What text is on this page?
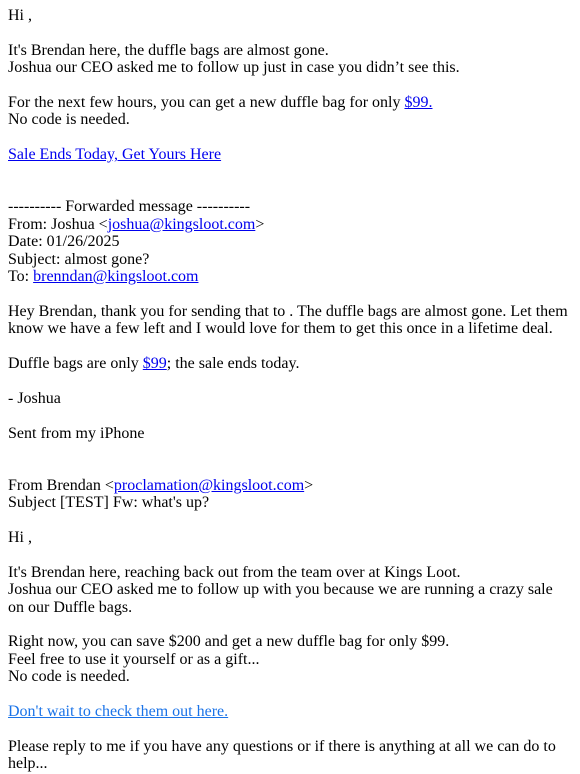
Hi ,

It's Brendan here, the duffle bags are almost gone.

Joshua our CEO asked me to follow up just in case you didn’t see this.

For the next few hours, you can get a new duffle bag for only $99.

No code is needed.

Sale Ends Today, Get Yours Here

---------- Forwarded message ----------

From: Joshua <joshua@kingsloot.com>

Date: 01/26/2025

Subject: almost gone?

To: brenndan@kingsloot.com

Hey Brendan, thank you for sending that to . The duffle bags are almost gone. Let them know we have a few left and I would love for them to get this once in a lifetime deal.

Duffle bags are only $99; the sale ends today.

- Joshua

Sent from my iPhone

From Brendan <proclamation@kingsloot.com>

Subject [TEST] Fw: what's up?

Hi ,

It's Brendan here, reaching back out from the team over at Kings Loot.

Joshua our CEO asked me to follow up with you because we are running a crazy sale on our Duffle bags.

Right now, you can save $200 and get a new duffle bag for only $99.

Feel free to use it yourself or as a gift...

No code is needed.

Don't wait to check them out here.

Please reply to me if you have any questions or if there is anything at all we can do to help...
